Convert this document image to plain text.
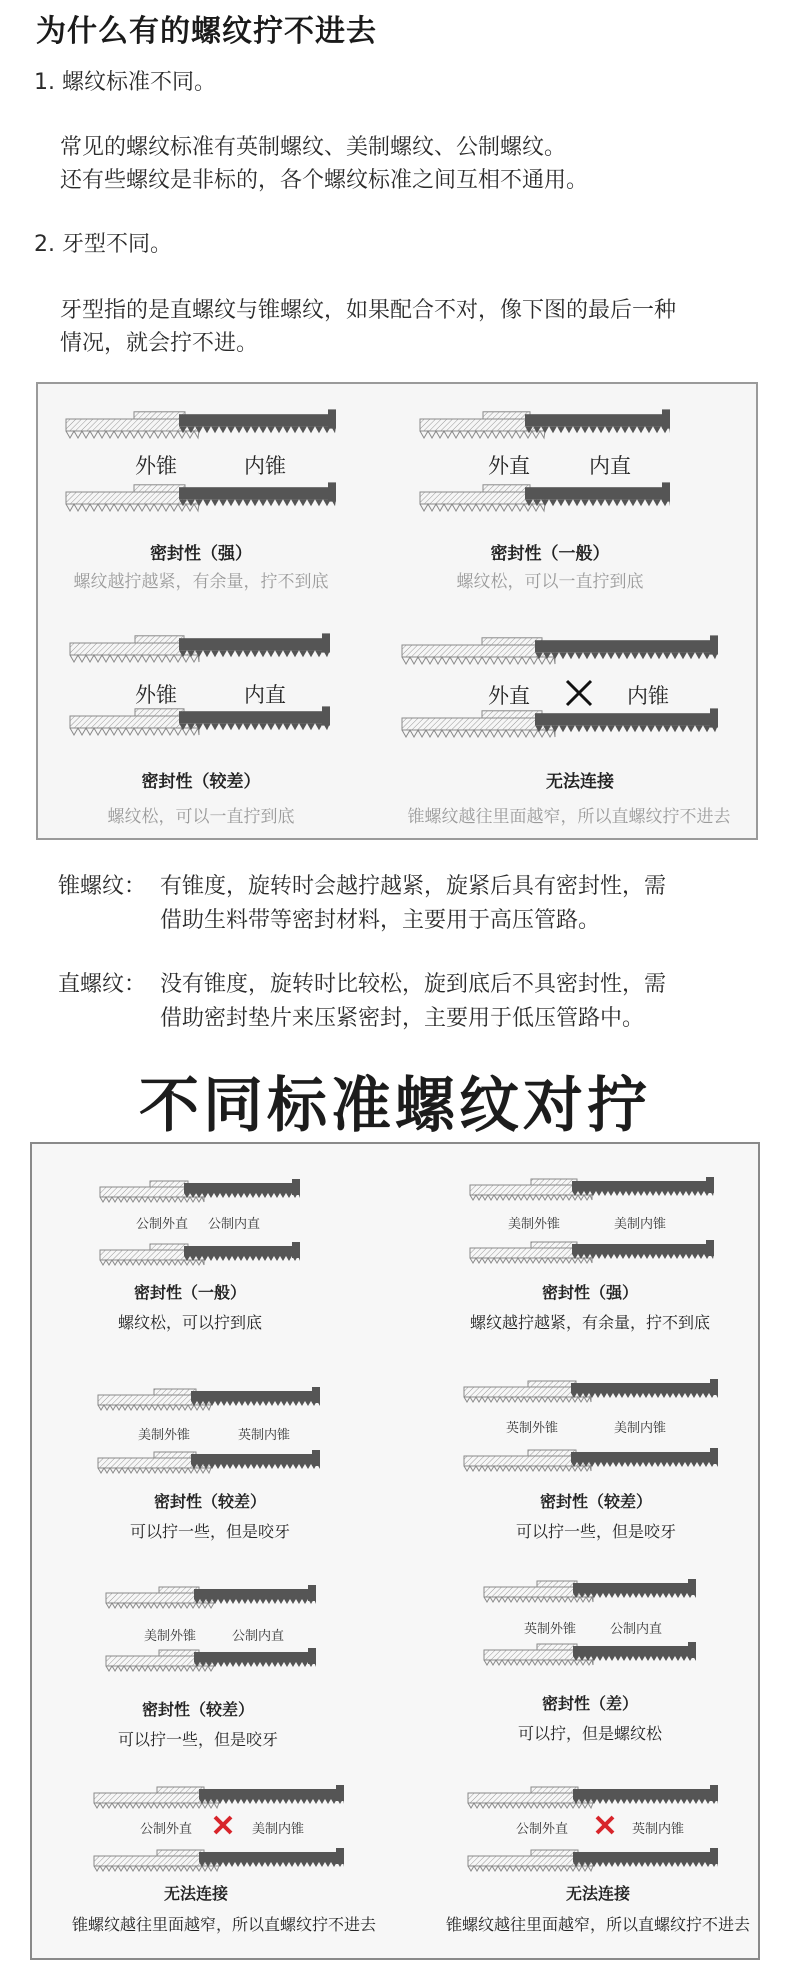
为什么有的螺纹拧不进去
1. 螺纹标准不同。
常见的螺纹标准有英制螺纹、美制螺纹、公制螺纹。
还有些螺纹是非标的，各个螺纹标准之间互相不通用。
2. 牙型不同。
牙型指的是直螺纹与锥螺纹，如果配合不对，像下图的最后一种
情况，就会拧不进。
外锥	内锥
密封性（强）
螺纹越拧越紧，有余量，拧不到底
外直	内直
密封性（一般）
螺纹松，可以一直拧到底
外锥	内直
密封性（较差）
螺纹松，可以一直拧到底
外直	内锥
无法连接
锥螺纹越往里面越窄，所以直螺纹拧不进去
锥螺纹： 有锥度，旋转时会越拧越紧，旋紧后具有密封性，需
借助生料带等密封材料，主要用于高压管路。
直螺纹： 没有锥度，旋转时比较松，旋到底后不具密封性，需
借助密封垫片来压紧密封，主要用于低压管路中。
不同标准螺纹对拧
公制外直 公制内直
密封性（一般）
螺纹松，可以拧到底
美制外锥	英制内锥
密封性（较差）
可以拧一些，但是咬牙
美制外锥	公制内直
密封性（较差）
可以拧一些，但是咬牙
公制外直	美制内锥
无法连接
锥螺纹越往里面越窄，所以直螺纹拧不进去
美制外锥	美制内锥
密封性（强）
螺纹越拧越紧，有余量，拧不到底
英制外锥	美制内锥
密封性（较差）
可以拧一些，但是咬牙
英制外锥	公制内直
密封性（差）
可以拧，但是螺纹松
公制外直	英制内锥
无法连接
锥螺纹越往里面越窄，所以直螺纹拧不进去
